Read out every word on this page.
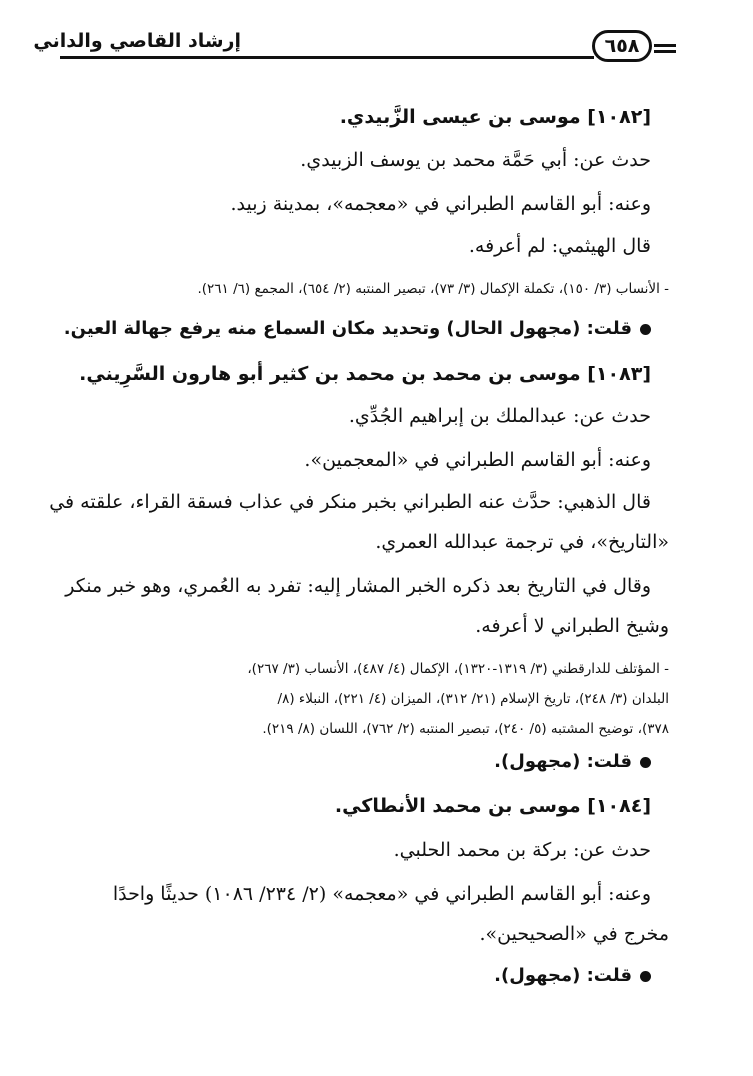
إرشاد القاصي والداني	٦٥٨
[١٠٨٢] موسى بن عيسى الزَّبيدي.
حدث عن: أبي حَمَّة محمد بن يوسف الزبيدي.
وعنه: أبو القاسم الطبراني في «معجمه»، بمدينة زبيد.
قال الهيثمي: لم أعرفه.
- الأنساب (٣/ ١٥٠)، تكملة الإكمال (٣/ ٧٣)، تبصير المنتبه (٢/ ٦٥٤)، المجمع (٦/ ٢٦١).
قلت: (مجهول الحال) وتحديد مكان السماع منه يرفع جهالة العين.
[١٠٨٣] موسى بن محمد بن محمد بن كثير أبو هارون السَّرِيني.
حدث عن: عبدالملك بن إبراهيم الجُدِّي.
وعنه: أبو القاسم الطبراني في «المعجمين».
قال الذهبي: حدَّث عنه الطبراني بخبر منكر في عذاب فسقة القراء، علقته في
«التاريخ»، في ترجمة عبدالله العمري.
وقال في التاريخ بعد ذكره الخبر المشار إليه: تفرد به العُمري، وهو خبر منكر
وشيخ الطبراني لا أعرفه.
- المؤتلف للدارقطني (٣/ ١٣١٩-١٣٢٠)، الإكمال (٤/ ٤٨٧)، الأنساب (٣/ ٢٦٧)،
البلدان (٣/ ٢٤٨)، تاريخ الإسلام (٢١/ ٣١٢)، الميزان (٤/ ٢٢١)، النبلاء (٨/
٣٧٨)، توضيح المشتبه (٥/ ٢٤٠)، تبصير المنتبه (٢/ ٧٦٢)، اللسان (٨/ ٢١٩).
قلت: (مجهول).
[١٠٨٤] موسى بن محمد الأنطاكي.
حدث عن: بركة بن محمد الحلبي.
وعنه: أبو القاسم الطبراني في «معجمه» (٢/ ٢٣٤/ ١٠٨٦) حديثًا واحدًا
مخرج في «الصحيحين».
قلت: (مجهول).
